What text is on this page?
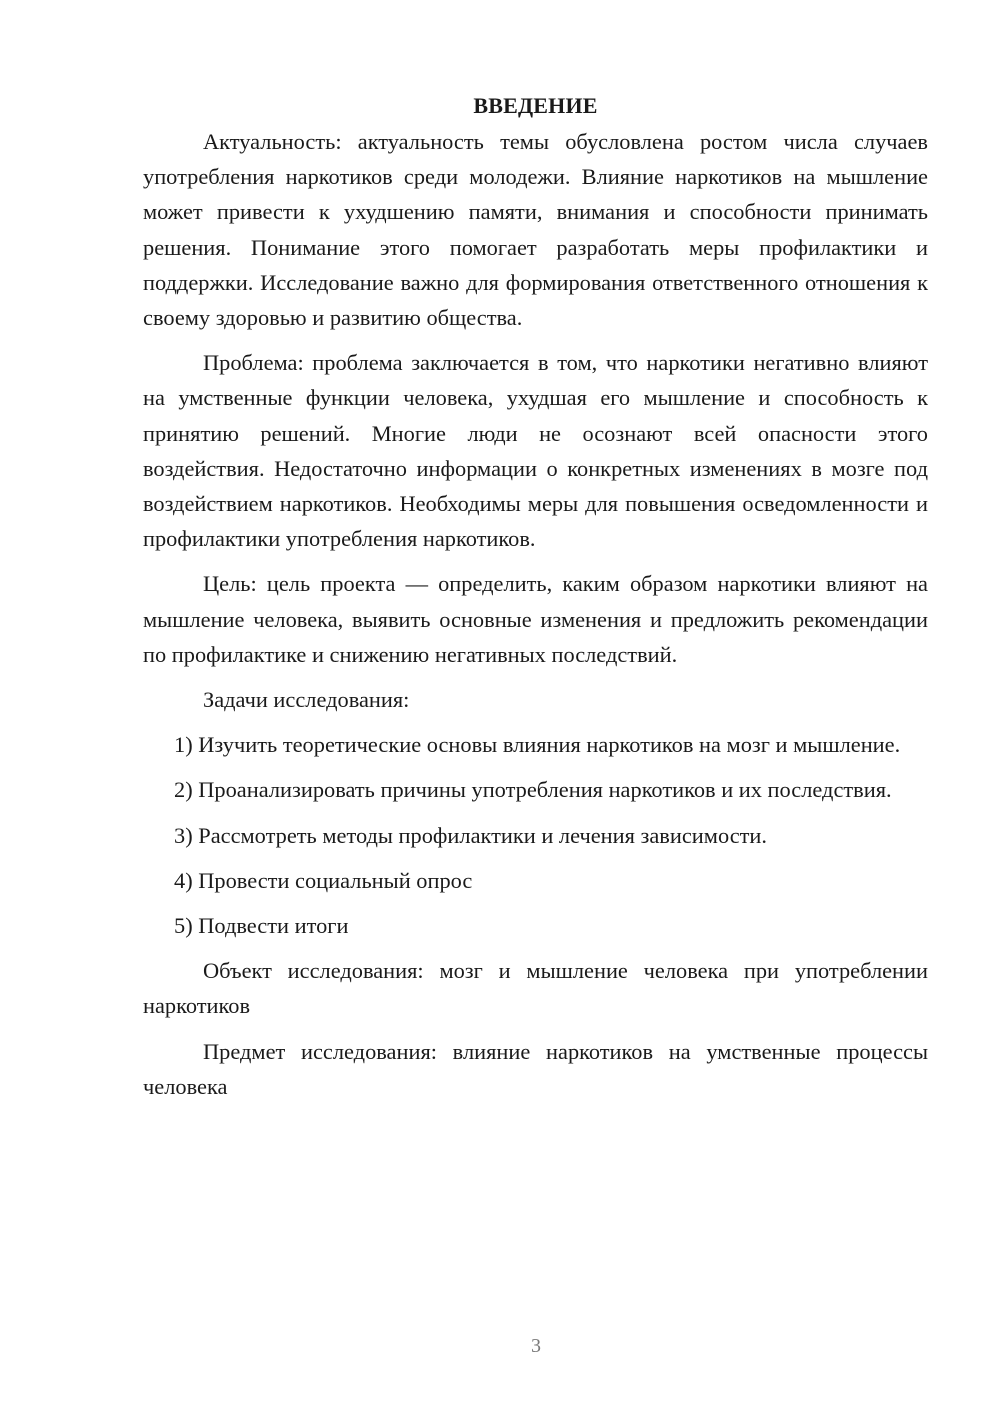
ВВЕДЕНИЕ

Актуальность: актуальность темы обусловлена ростом числа случаев употребления наркотиков среди молодежи. Влияние наркотиков на мышление может привести к ухудшению памяти, внимания и способности принимать решения. Понимание этого помогает разработать меры профилактики и поддержки. Исследование важно для формирования ответственного отношения к своему здоровью и развитию общества.

Проблема: проблема заключается в том, что наркотики негативно влияют на умственные функции человека, ухудшая его мышление и способность к принятию решений. Многие люди не осознают всей опасности этого воздействия. Недостаточно информации о конкретных изменениях в мозге под воздействием наркотиков. Необходимы меры для повышения осведомленности и профилактики употребления наркотиков.

Цель: цель проекта — определить, каким образом наркотики влияют на мышление человека, выявить основные изменения и предложить рекомендации по профилактике и снижению негативных последствий.

Задачи исследования:

1) Изучить теоретические основы влияния наркотиков на мозг и мышление.

2) Проанализировать причины употребления наркотиков и их последствия.

3) Рассмотреть методы профилактики и лечения зависимости.

4) Провести социальный опрос

5) Подвести итоги

Объект исследования: мозг и мышление человека при употреблении наркотиков

Предмет исследования: влияние наркотиков на умственные процессы человека

3
